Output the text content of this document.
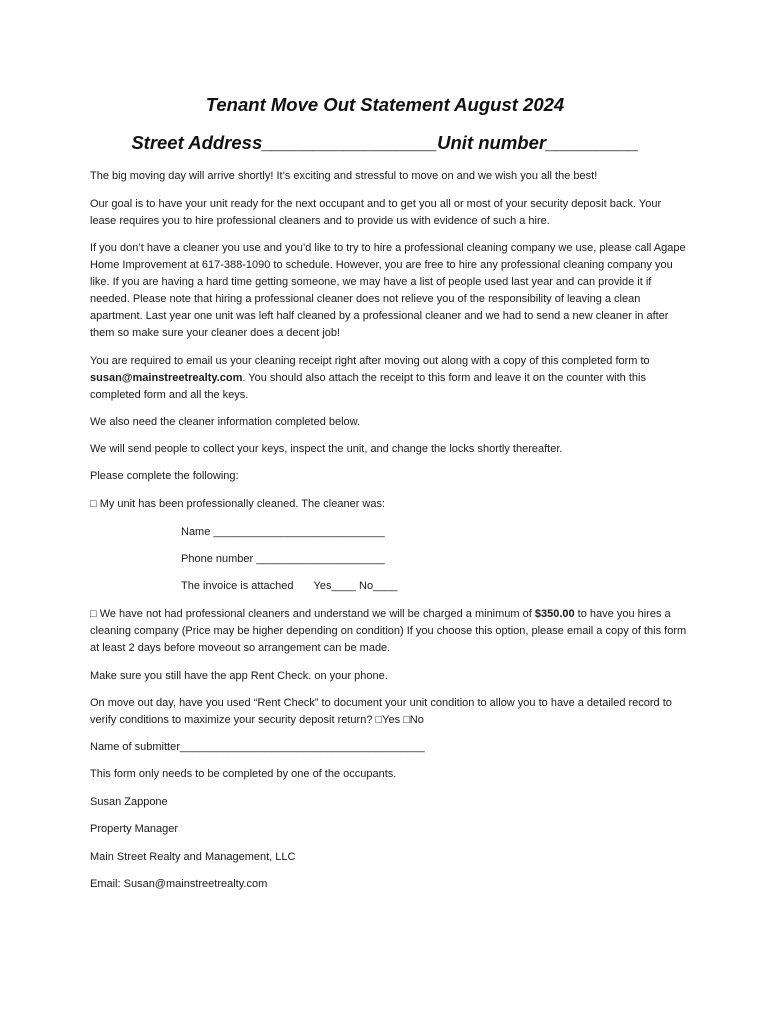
Tenant Move Out Statement August 2024
Street Address_________________Unit number_________

The big moving day will arrive shortly! It’s exciting and stressful to move on and we wish you all the best!

Our goal is to have your unit ready for the next occupant and to get you all or most of your security deposit back. Your lease requires you to hire professional cleaners and to provide us with evidence of such a hire.

If you don’t have a cleaner you use and you’d like to try to hire a professional cleaning company we use, please call Agape Home Improvement at 617-388-1090 to schedule. However, you are free to hire any professional cleaning company you like. If you are having a hard time getting someone, we may have a list of people used last year and can provide it if needed. Please note that hiring a professional cleaner does not relieve you of the responsibility of leaving a clean apartment. Last year one unit was left half cleaned by a professional cleaner and we had to send a new cleaner in after them so make sure your cleaner does a decent job!

You are required to email us your cleaning receipt right after moving out along with a copy of this completed form to susan@mainstreetrealty.com. You should also attach the receipt to this form and leave it on the counter with this completed form and all the keys.

We also need the cleaner information completed below.

We will send people to collect your keys, inspect the unit, and change the locks shortly thereafter.

Please complete the following:

□ My unit has been professionally cleaned. The cleaner was:

Name ____________________________

Phone number _____________________

The invoice is attached Yes____ No____

□ We have not had professional cleaners and understand we will be charged a minimum of $350.00 to have you hires a cleaning company (Price may be higher depending on condition) If you choose this option, please email a copy of this form at least 2 days before moveout so arrangement can be made.

Make sure you still have the app Rent Check. on your phone.

On move out day, have you used “Rent Check” to document your unit condition to allow you to have a detailed record to verify conditions to maximize your security deposit return? □Yes □No

Name of submitter________________________________________

This form only needs to be completed by one of the occupants.

Susan Zappone

Property Manager

Main Street Realty and Management, LLC

Email: Susan@mainstreetrealty.com
